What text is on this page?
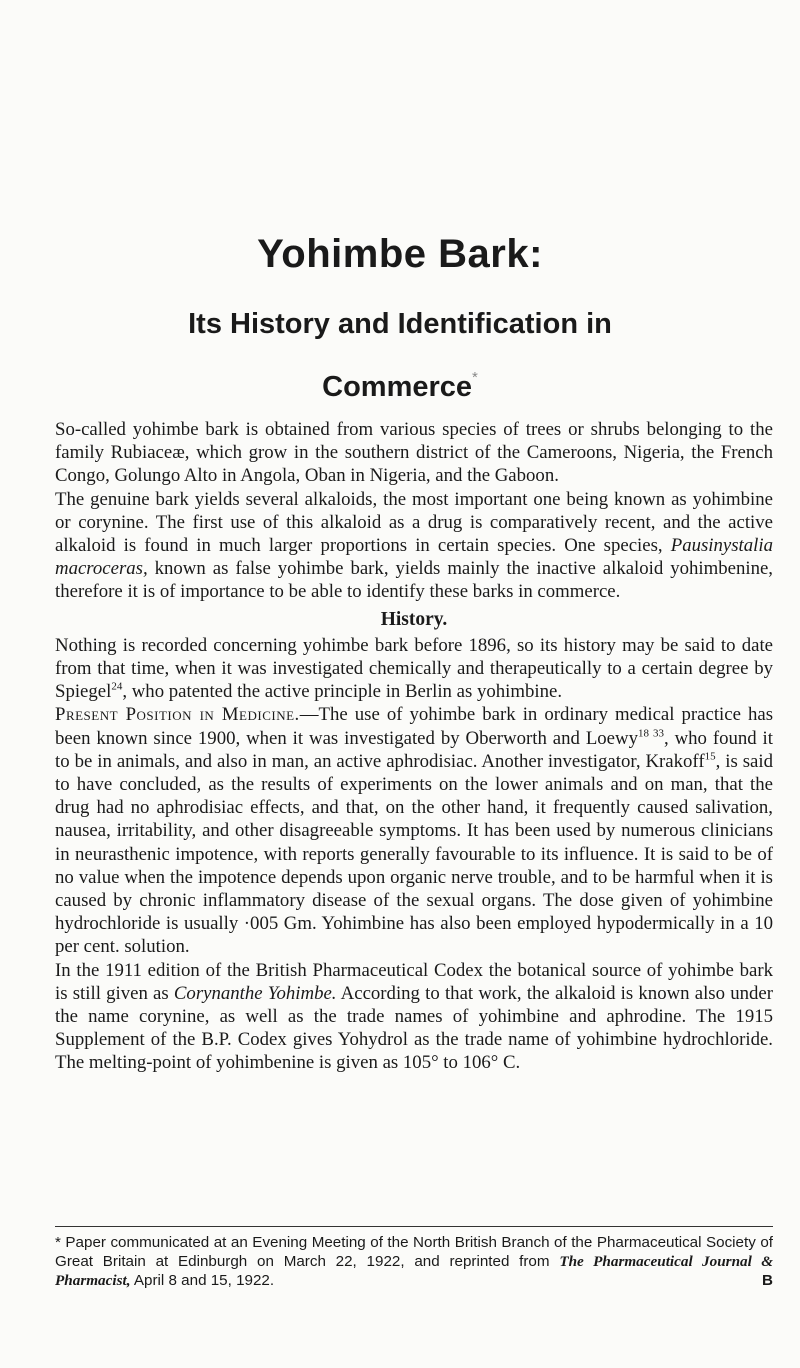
Yohimbe Bark:
Its History and Identification in
Commerce*

So-called yohimbe bark is obtained from various species of trees or shrubs belonging to the family Rubiaceæ, which grow in the southern district of the Cameroons, Nigeria, the French Congo, Golungo Alto in Angola, Oban in Nigeria, and the Gaboon.

The genuine bark yields several alkaloids, the most important one being known as yohimbine or corynine. The first use of this alkaloid as a drug is comparatively recent, and the active alkaloid is found in much larger proportions in certain species. One species, Pausinystalia macroceras, known as false yohimbe bark, yields mainly the inactive alkaloid yohimbenine, therefore it is of importance to be able to identify these barks in commerce.

History.

Nothing is recorded concerning yohimbe bark before 1896, so its history may be said to date from that time, when it was investigated chemically and therapeutically to a certain degree by Spiegel$^{24}$, who patented the active principle in Berlin as yohimbine.

Present Position in Medicine.—The use of yohimbe bark in ordinary medical practice has been known since 1900, when it was investigated by Oberworth and Loewy$^{18 33}$, who found it to be in animals, and also in man, an active aphrodisiac. Another investigator, Krakoff$^{15}$, is said to have concluded, as the results of experiments on the lower animals and on man, that the drug had no aphrodisiac effects, and that, on the other hand, it frequently caused salivation, nausea, irritability, and other disagreeable symptoms. It has been used by numerous clinicians in neurasthenic impotence, with reports generally favourable to its influence. It is said to be of no value when the impotence depends upon organic nerve trouble, and to be harmful when it is caused by chronic inflammatory disease of the sexual organs. The dose given of yohimbine hydrochloride is usually ·005 Gm. Yohimbine has also been employed hypodermically in a 10 per cent. solution.

In the 1911 edition of the British Pharmaceutical Codex the botanical source of yohimbe bark is still given as Corynanthe Yohimbe. According to that work, the alkaloid is known also under the name corynine, as well as the trade names of yohimbine and aphrodine. The 1915 Supplement of the B.P. Codex gives Yohydrol as the trade name of yohimbine hydrochloride. The melting-point of yohimbenine is given as 105° to 106° C.

* Paper communicated at an Evening Meeting of the North British Branch of the Pharmaceutical Society of Great Britain at Edinburgh on March 22, 1922, and reprinted from The Pharmaceutical Journal & Pharmacist, April 8 and 15, 1922.	B
